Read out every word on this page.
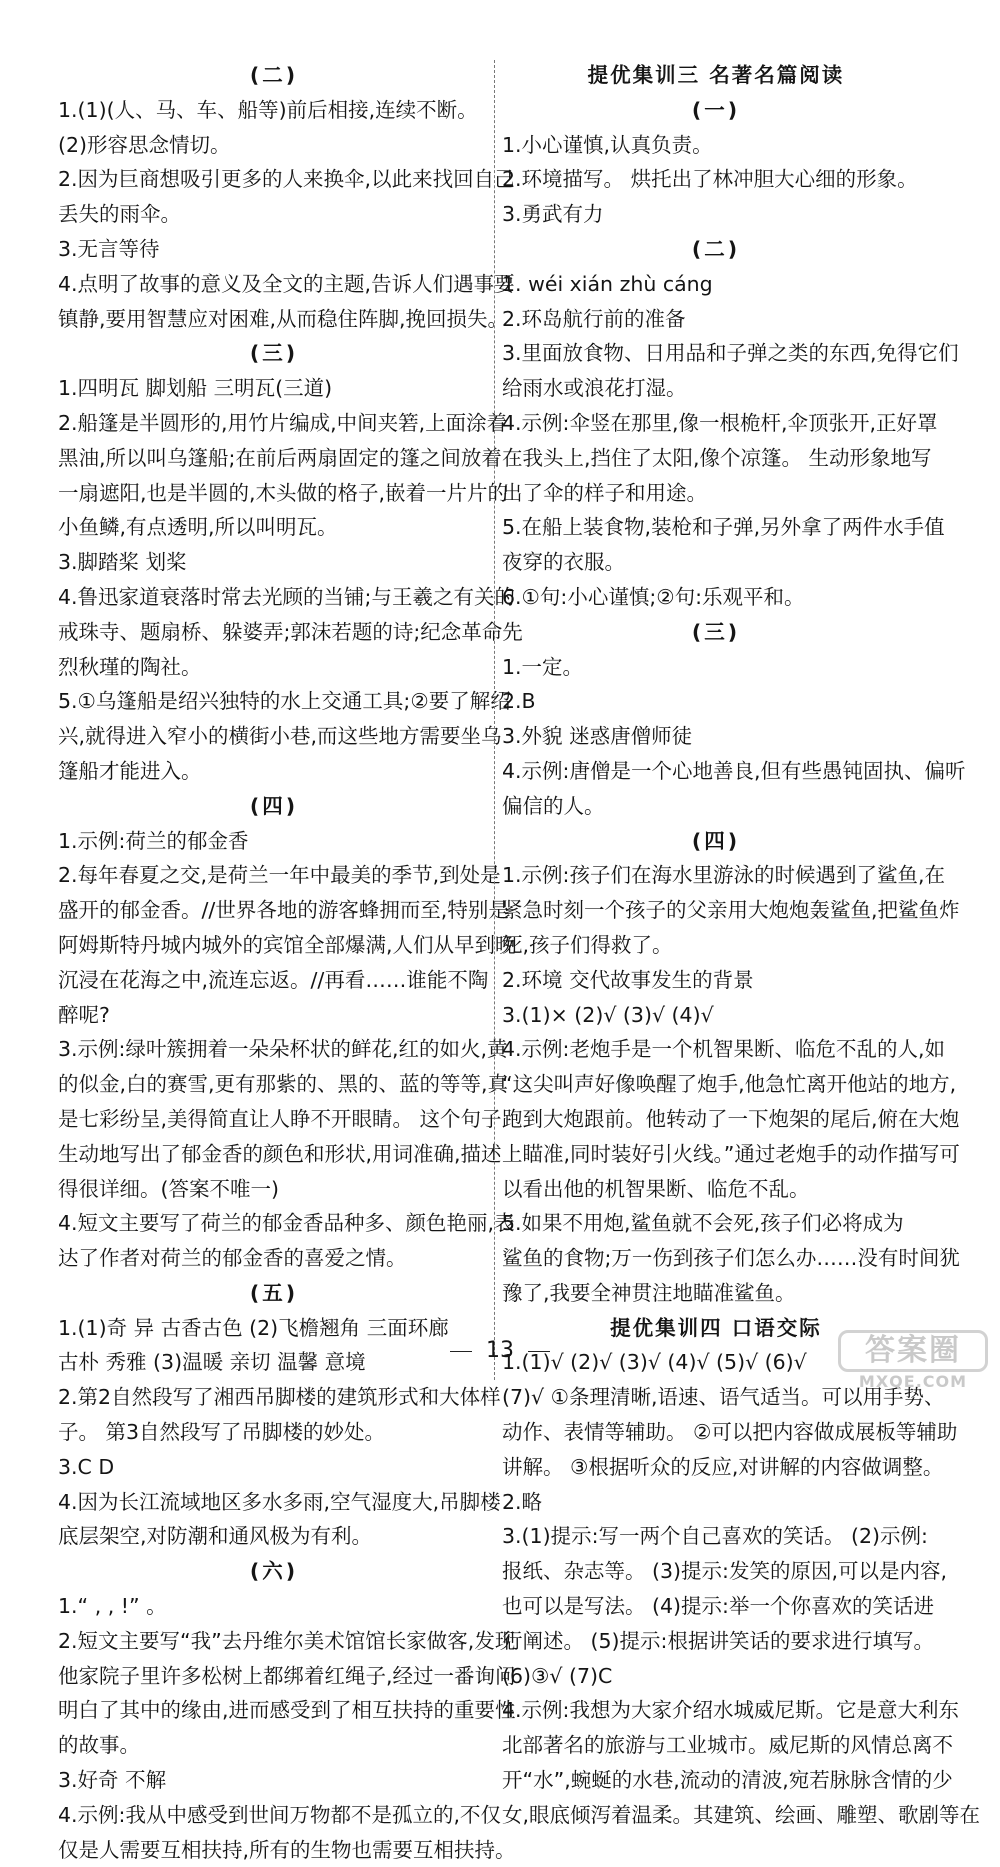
(二)
1.(1)(人、马、车、船等)前后相接,连续不断。
(2)形容思念情切。
2.因为巨商想吸引更多的人来换伞,以此来找回自己
丢失的雨伞。
3.无言等待
4.点明了故事的意义及全文的主题,告诉人们遇事要
镇静,要用智慧应对困难,从而稳住阵脚,挽回损失。
(三)
1.四明瓦 脚划船 三明瓦(三道)
2.船篷是半圆形的,用竹片编成,中间夹箬,上面涂着
黑油,所以叫乌篷船;在前后两扇固定的篷之间放着
一扇遮阳,也是半圆的,木头做的格子,嵌着一片片的
小鱼鳞,有点透明,所以叫明瓦。
3.脚踏桨 划桨
4.鲁迅家道衰落时常去光顾的当铺;与王羲之有关的
戒珠寺、题扇桥、躲婆弄;郭沫若题的诗;纪念革命先
烈秋瑾的陶社。
5.①乌篷船是绍兴独特的水上交通工具;②要了解绍
兴,就得进入窄小的横街小巷,而这些地方需要坐乌
篷船才能进入。
(四)
1.示例:荷兰的郁金香
2.每年春夏之交,是荷兰一年中最美的季节,到处是
盛开的郁金香。//世界各地的游客蜂拥而至,特别是
阿姆斯特丹城内城外的宾馆全部爆满,人们从早到晚
沉浸在花海之中,流连忘返。//再看……谁能不陶
醉呢?
3.示例:绿叶簇拥着一朵朵杯状的鲜花,红的如火,黄
的似金,白的赛雪,更有那紫的、黑的、蓝的等等,真
是七彩纷呈,美得简直让人睁不开眼睛。 这个句子
生动地写出了郁金香的颜色和形状,用词准确,描述
得很详细。(答案不唯一)
4.短文主要写了荷兰的郁金香品种多、颜色艳丽,表
达了作者对荷兰的郁金香的喜爱之情。
(五)
1.(1)奇 异 古香古色 (2)飞檐翘角 三面环廊
古朴 秀雅 (3)温暖 亲切 温馨 意境
2.第2自然段写了湘西吊脚楼的建筑形式和大体样
子。 第3自然段写了吊脚楼的妙处。
3.C D
4.因为长江流域地区多水多雨,空气湿度大,吊脚楼
底层架空,对防潮和通风极为有利。
(六)
1.“ , , !” 。
2.短文主要写“我”去丹维尔美术馆馆长家做客,发现
他家院子里许多松树上都绑着红绳子,经过一番询问
明白了其中的缘由,进而感受到了相互扶持的重要性
的故事。
3.好奇 不解
4.示例:我从中感受到世间万物都不是孤立的,不仅
仅是人需要互相扶持,所有的生物也需要互相扶持。
提优集训三 名著名篇阅读
(一)
1.小心谨慎,认真负责。
2.环境描写。 烘托出了林冲胆大心细的形象。
3.勇武有力
(二)
1. wéi xián zhù cáng
2.环岛航行前的准备
3.里面放食物、日用品和子弹之类的东西,免得它们
给雨水或浪花打湿。
4.示例:伞竖在那里,像一根桅杆,伞顶张开,正好罩
在我头上,挡住了太阳,像个凉篷。 生动形象地写
出了伞的样子和用途。
5.在船上装食物,装枪和子弹,另外拿了两件水手值
夜穿的衣服。
6.①句:小心谨慎;②句:乐观平和。
(三)
1.一定。
2.B
3.外貌 迷惑唐僧师徒
4.示例:唐僧是一个心地善良,但有些愚钝固执、偏听
偏信的人。
(四)
1.示例:孩子们在海水里游泳的时候遇到了鲨鱼,在
紧急时刻一个孩子的父亲用大炮炮轰鲨鱼,把鲨鱼炸
死,孩子们得救了。
2.环境 交代故事发生的背景
3.(1)× (2)√ (3)√ (4)√
4.示例:老炮手是一个机智果断、临危不乱的人,如
“这尖叫声好像唤醒了炮手,他急忙离开他站的地方,
跑到大炮跟前。他转动了一下炮架的尾后,俯在大炮
上瞄准,同时装好引火线。”通过老炮手的动作描写可
以看出他的机智果断、临危不乱。
5.如果不用炮,鲨鱼就不会死,孩子们必将成为
鲨鱼的食物;万一伤到孩子们怎么办……没有时间犹
豫了,我要全神贯注地瞄准鲨鱼。
提优集训四 口语交际
1.(1)√ (2)√ (3)√ (4)√ (5)√ (6)√
(7)√ ①条理清晰,语速、语气适当。可以用手势、
动作、表情等辅助。 ②可以把内容做成展板等辅助
讲解。 ③根据听众的反应,对讲解的内容做调整。
2.略
3.(1)提示:写一两个自己喜欢的笑话。 (2)示例:
报纸、杂志等。 (3)提示:发笑的原因,可以是内容,
也可以是写法。 (4)提示:举一个你喜欢的笑话进
行阐述。 (5)提示:根据讲笑话的要求进行填写。
(6)③√ (7)C
4.示例:我想为大家介绍水城威尼斯。它是意大利东
北部著名的旅游与工业城市。威尼斯的风情总离不
开“水”,蜿蜒的水巷,流动的清波,宛若脉脉含情的少
女,眼底倾泻着温柔。其建筑、绘画、雕塑、歌剧等在
13	答案圈
MXQE.COM
